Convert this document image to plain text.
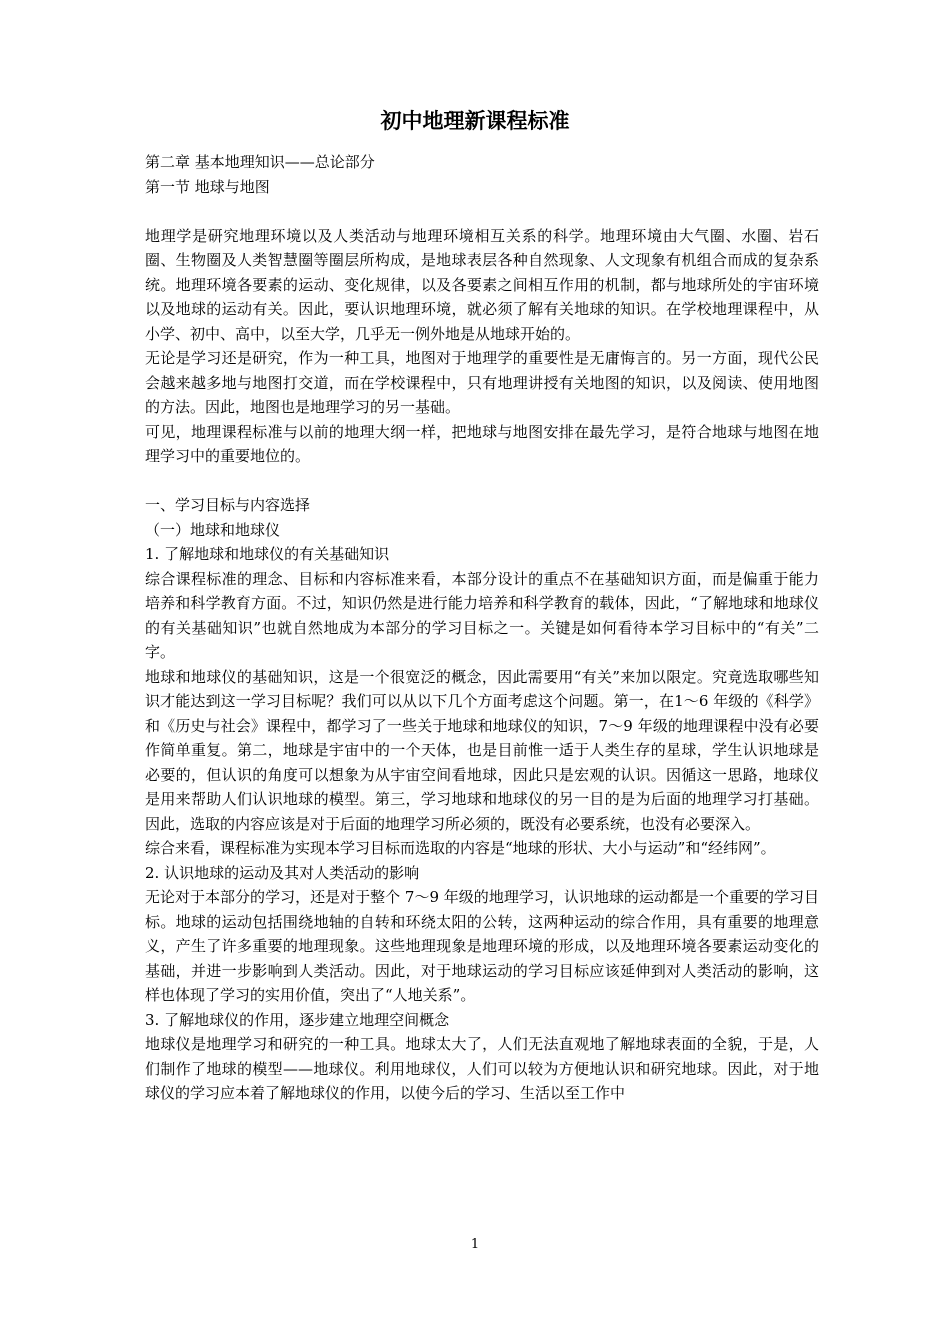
初中地理新课程标准

第二章 基本地理知识——总论部分

第一节 地球与地图

地理学是研究地理环境以及人类活动与地理环境相互关系的科学。地理环境由大气圈、水圈、岩石圈、生物圈及人类智慧圈等圈层所构成，是地球表层各种自然现象、人文现象有机组合而成的复杂系统。地理环境各要素的运动、变化规律，以及各要素之间相互作用的机制，都与地球所处的宇宙环境以及地球的运动有关。因此，要认识地理环境，就必须了解有关地球的知识。在学校地理课程中，从小学、初中、高中，以至大学，几乎无一例外地是从地球开始的。

无论是学习还是研究，作为一种工具，地图对于地理学的重要性是无庸悔言的。另一方面，现代公民会越来越多地与地图打交道，而在学校课程中，只有地理讲授有关地图的知识，以及阅读、使用地图的方法。因此，地图也是地理学习的另一基础。

可见，地理课程标准与以前的地理大纲一样，把地球与地图安排在最先学习，是符合地球与地图在地理学习中的重要地位的。

一、学习目标与内容选择

（一）地球和地球仪

1. 了解地球和地球仪的有关基础知识

综合课程标准的理念、目标和内容标准来看，本部分设计的重点不在基础知识方面，而是偏重于能力培养和科学教育方面。不过，知识仍然是进行能力培养和科学教育的载体，因此，“了解地球和地球仪的有关基础知识”也就自然地成为本部分的学习目标之一。关键是如何看待本学习目标中的“有关”二字。

地球和地球仪的基础知识，这是一个很宽泛的概念，因此需要用“有关”来加以限定。究竟选取哪些知识才能达到这一学习目标呢？我们可以从以下几个方面考虑这个问题。第一，在1～6 年级的《科学》和《历史与社会》课程中，都学习了一些关于地球和地球仪的知识，7～9 年级的地理课程中没有必要作简单重复。第二，地球是宇宙中的一个天体，也是目前惟一适于人类生存的星球，学生认识地球是必要的，但认识的角度可以想象为从宇宙空间看地球，因此只是宏观的认识。因循这一思路，地球仪是用来帮助人们认识地球的模型。第三，学习地球和地球仪的另一目的是为后面的地理学习打基础。因此，选取的内容应该是对于后面的地理学习所必须的，既没有必要系统，也没有必要深入。

综合来看，课程标准为实现本学习目标而选取的内容是“地球的形状、大小与运动”和“经纬网”。

2. 认识地球的运动及其对人类活动的影响

无论对于本部分的学习，还是对于整个 7～9 年级的地理学习，认识地球的运动都是一个重要的学习目标。地球的运动包括围绕地轴的自转和环绕太阳的公转，这两种运动的综合作用，具有重要的地理意义，产生了许多重要的地理现象。这些地理现象是地理环境的形成，以及地理环境各要素运动变化的基础，并进一步影响到人类活动。因此，对于地球运动的学习目标应该延伸到对人类活动的影响，这样也体现了学习的实用价值，突出了“人地关系”。

3. 了解地球仪的作用，逐步建立地理空间概念

地球仪是地理学习和研究的一种工具。地球太大了，人们无法直观地了解地球表面的全貌，于是，人们制作了地球的模型——地球仪。利用地球仪，人们可以较为方便地认识和研究地球。因此，对于地球仪的学习应本着了解地球仪的作用，以使今后的学习、生活以至工作中

1
